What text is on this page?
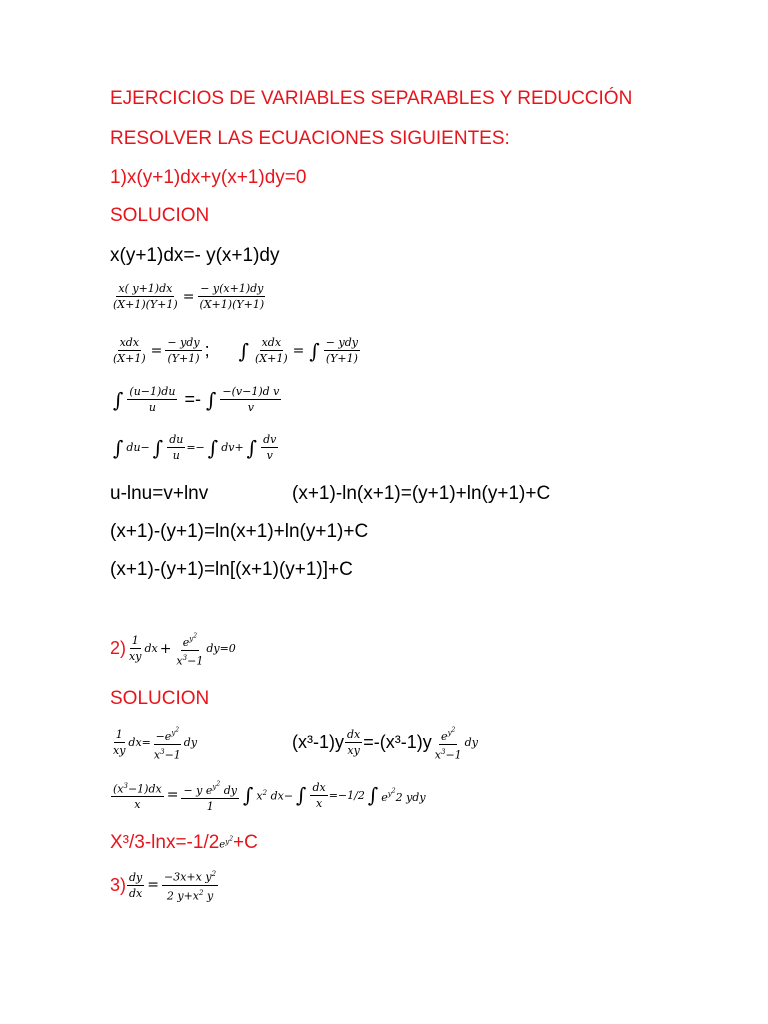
EJERCICIOS DE VARIABLES SEPARABLES Y REDUCCIÓN
RESOLVER LAS ECUACIONES SIGUIENTES:
1)x(y+1)dx+y(x+1)dy=0
SOLUCION
x(y+1)dx=- y(x+1)dy
$\frac{x( y+1)dx}{(X+1)(Y+1)} = \frac{- y(x+1)dy}{(X+1)(Y+1)}$
$\frac{\text{xdx}}{(X+1)} = \frac{\text{− ydy}}{(Y+1)}$ ; ∫ $\frac{\text{xdx}}{(X+1)}$ = ∫ $\frac{\text{− ydy}}{(Y+1)}$
∫ $\frac{(u-1)du}{u}$ =- ∫ $\frac{\text{−(v−1)d v}}{v}$
∫ du− ∫ $\frac{du}{u}$ =− ∫ dv+ ∫ $\frac{dv}{v}$
u-lnu=v+lnv	(x+1)-ln(x+1)=(y+1)+ln(y+1)+C
(x+1)-(y+1)=ln(x+1)+ln(y+1)+C
(x+1)-(y+1)=ln[(x+1)(y+1)]+C
$2) \frac{1}{xy}$ dx + $\frac{e^{y2}}{x^3-1} dy=0$
SOLUCION
$\frac{1}{xy} dx= \frac{-e^{y2}}{x^3-1}$ dy	$(x^3-1)y \frac{dx}{xy} =-(x^3-1)y \frac{e^{y2}}{x^3-1}$ dy
$\frac{(x^3-1)dx}{x} = \frac{- y e^{y2} dy}{1}$ ∫ $x^2$ dx− ∫ $\frac{dx}{x} =-1/2$ ∫ $e^{y2}2$ ydy
X³/3-lnx=-1/2 $e^{y2} +C$
$3) \frac{dy}{dx} = \frac{-3x+x y^2}{2 y+x^2 y}$
